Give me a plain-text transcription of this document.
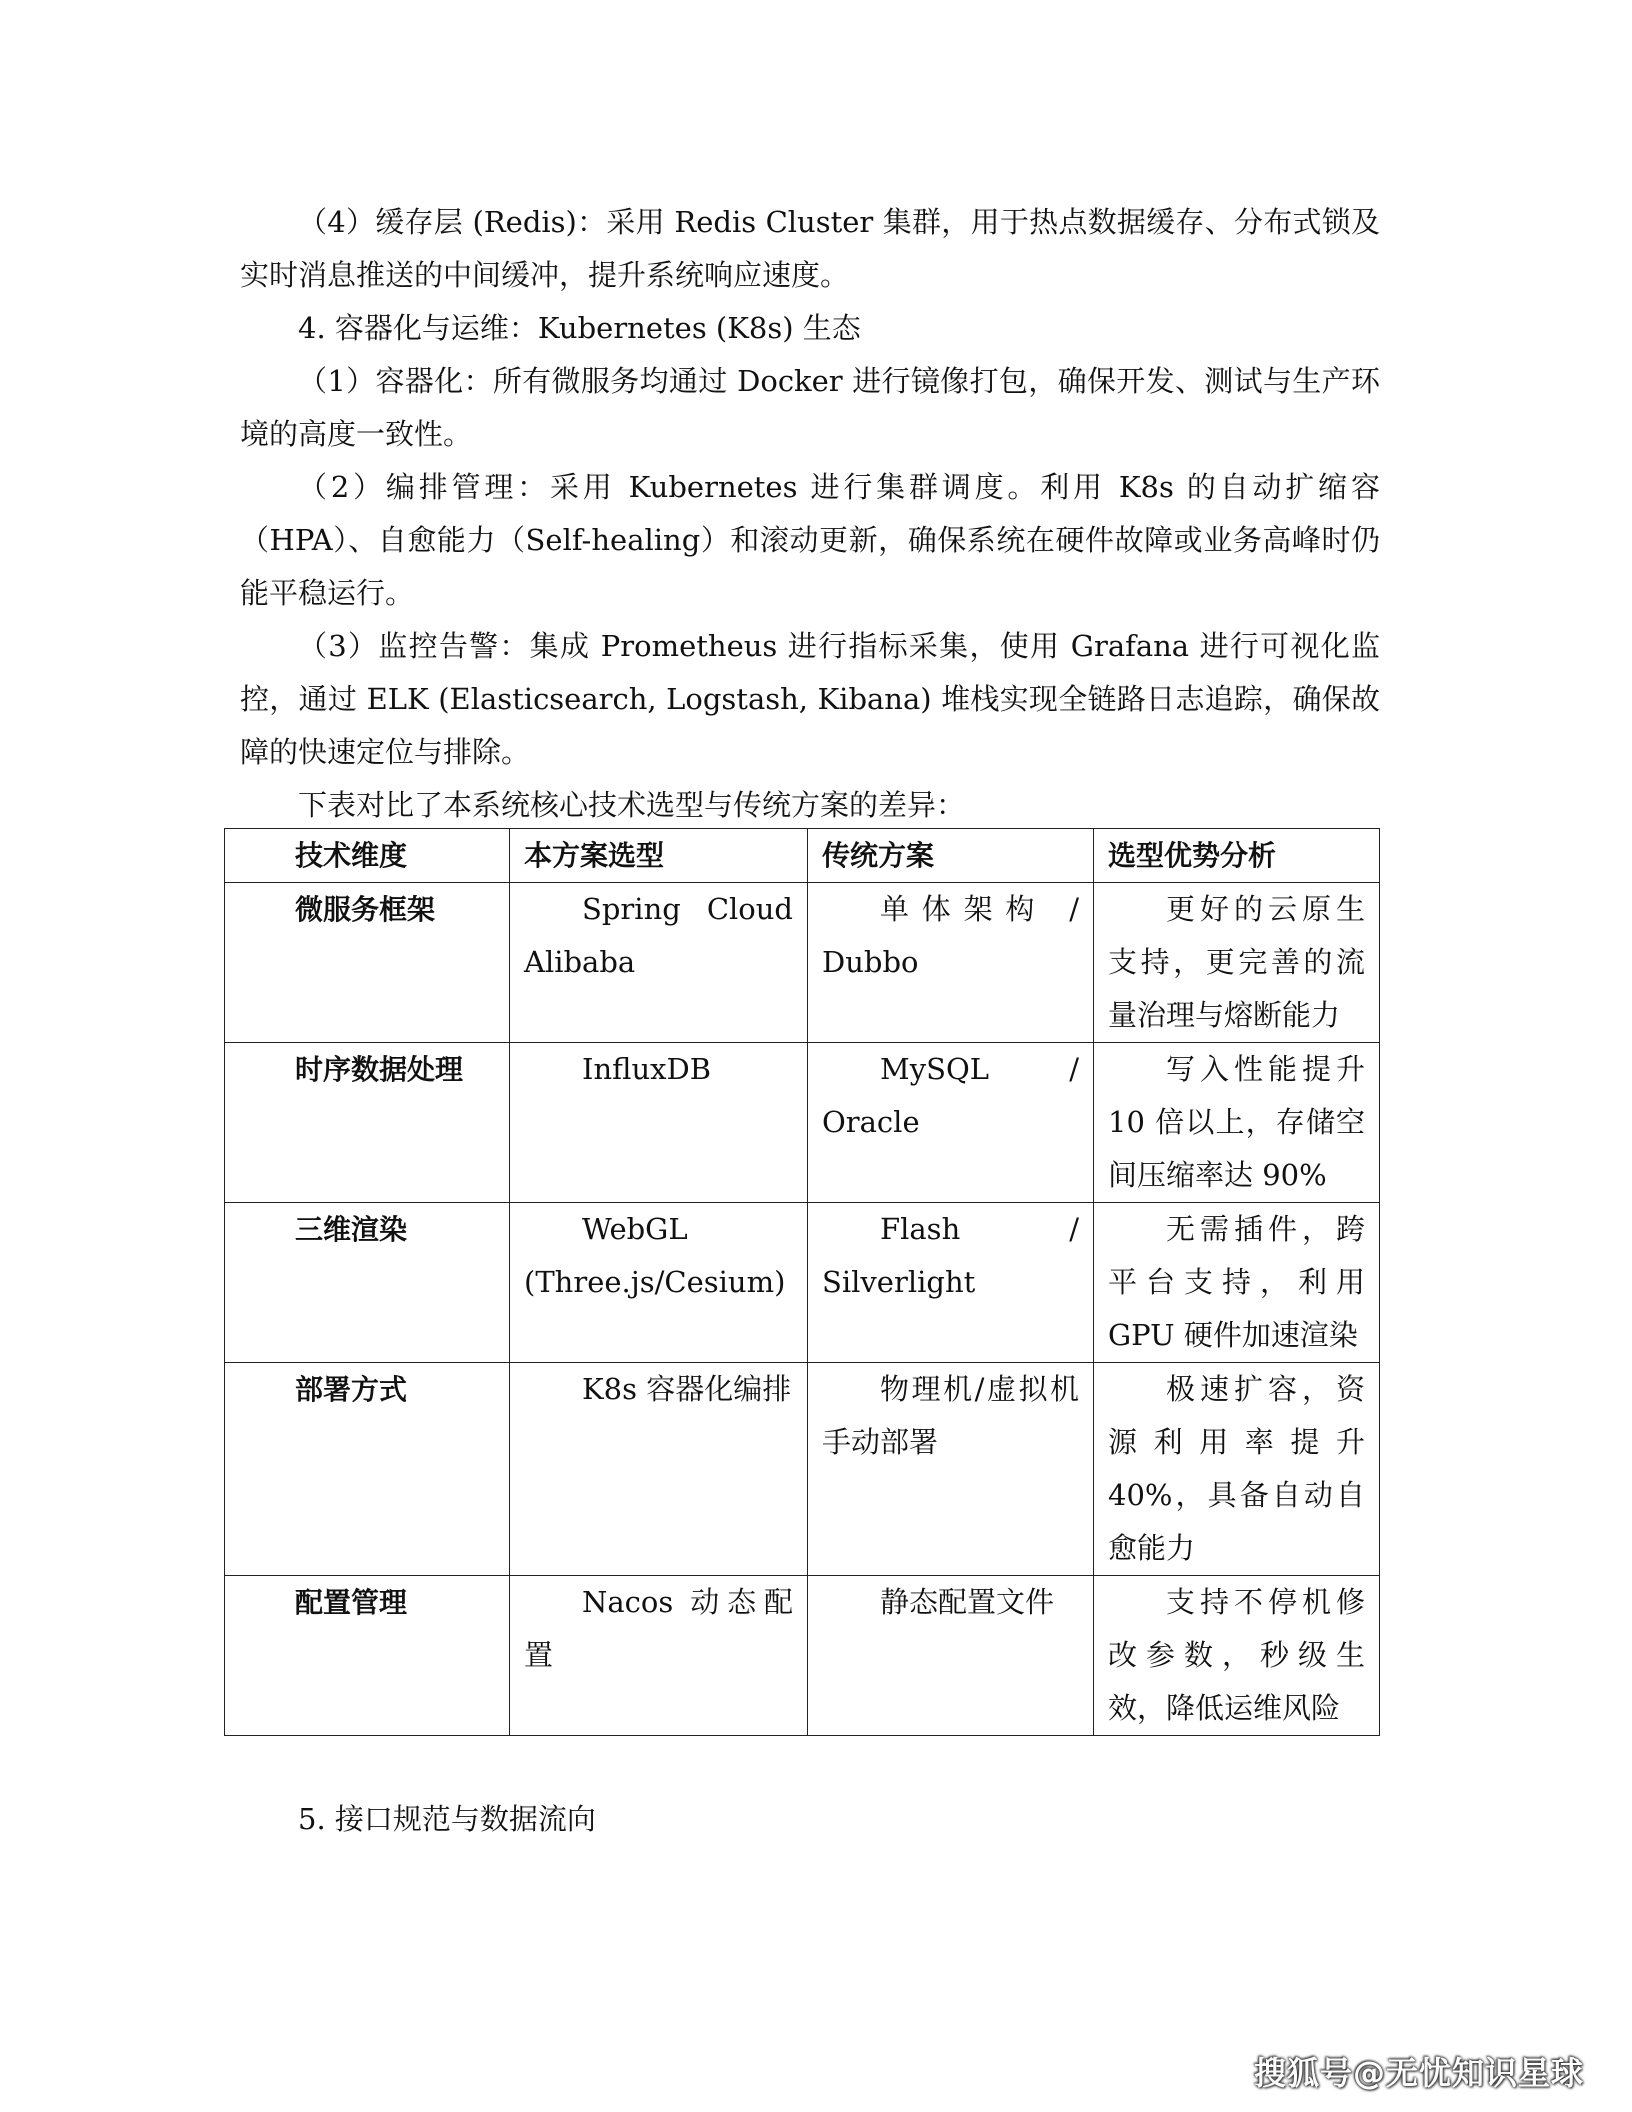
（4）缓存层 (Redis)：采用 Redis Cluster 集群，用于热点数据缓存、分布式锁及实时消息推送的中间缓冲，提升系统响应速度。

4. 容器化与运维：Kubernetes (K8s) 生态

（1）容器化：所有微服务均通过 Docker 进行镜像打包，确保开发、测试与生产环境的高度一致性。

（2）编排管理：采用 Kubernetes 进行集群调度。利用 K8s 的自动扩缩容（HPA）、自愈能力（Self-healing）和滚动更新，确保系统在硬件故障或业务高峰时仍能平稳运行。

（3）监控告警：集成 Prometheus 进行指标采集，使用 Grafana 进行可视化监控，通过 ELK (Elasticsearch, Logstash, Kibana) 堆栈实现全链路日志追踪，确保故障的快速定位与排除。

下表对比了本系统核心技术选型与传统方案的差异：

技术维度	本方案选型	传统方案	选型优势分析
微服务框架	Spring Cloud Alibaba	单体架构 / Dubbo	更好的云原生支持，更完善的流量治理与熔断能力
时序数据处理	InfluxDB	MySQL / Oracle	写入性能提升 10 倍以上，存储空间压缩率达 90%
三维渲染	WebGL (Three.js/Cesium)	Flash / Silverlight	无需插件，跨平台支持，利用 GPU 硬件加速渲染
部署方式	K8s 容器化编排	物理机/虚拟机手动部署	极速扩容，资源利用率提升 40%，具备自动自愈能力
配置管理	Nacos 动态配置	静态配置文件	支持不停机修改参数，秒级生效，降低运维风险

5. 接口规范与数据流向

搜狐号@无忧知识星球
